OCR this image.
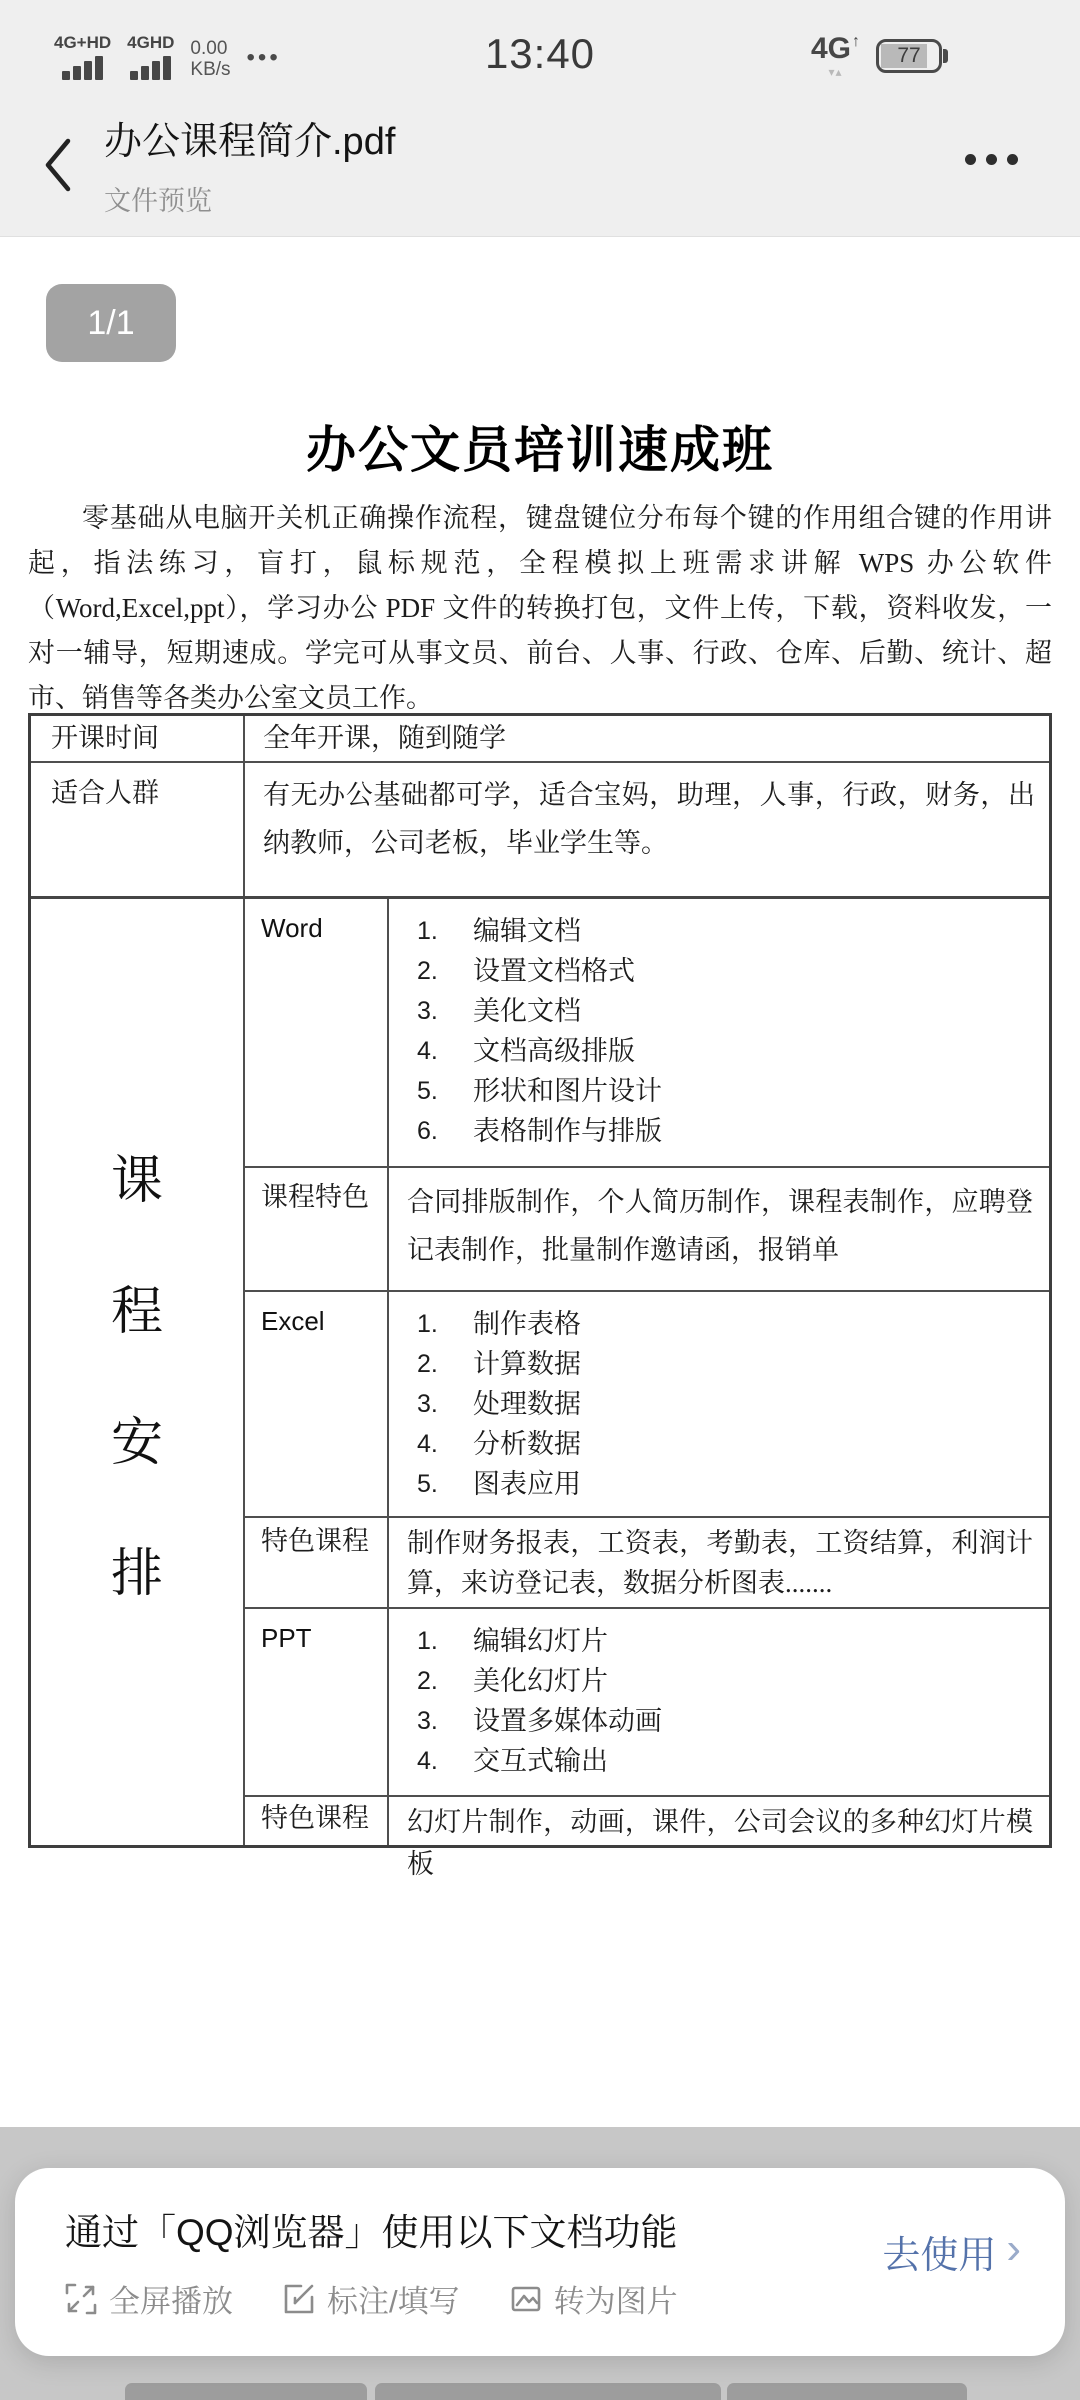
4G+HD 4GHD 0.00
KB/s •••	13:40	4G ↑
▾▴
77
办公课程简介.pdf
文件预览
1/1
办公文员培训速成班
零基础从电脑开关机正确操作流程，键盘键位分布每个键的作用组合键的作用讲起，指法练习，盲打，鼠标规范，全程模拟上班需求讲解 WPS 办公软件（Word,Excel,ppt），学习办公 PDF 文件的转换打包，文件上传，下载，资料收发，一对一辅导，短期速成。学完可从事文员、前台、人事、行政、仓库、后勤、统计、超市、销售等各类办公室文员工作。
开课时间	全年开课，随到随学
适合人群	有无办公基础都可学，适合宝妈，助理，人事，行政，财务，出纳教师，公司老板，毕业学生等。
课
程
安
排
Word	编辑文档
设置文档格式
美化文档
文档高级排版
形状和图片设计
表格制作与排版
课程特色	合同排版制作，个人简历制作，课程表制作，应聘登记表制作，批量制作邀请函，报销单
Excel	制作表格
计算数据
处理数据
分析数据
图表应用
特色课程	制作财务报表，工资表，考勤表，工资结算，利润计算，来访登记表，数据分析图表.......
PPT	编辑幻灯片
美化幻灯片
设置多媒体动画
交互式输出
特色课程	幻灯片制作，动画，课件，公司会议的多种幻灯片模板
通过「QQ浏览器」使用以下文档功能
去使用 ›
全屏播放	标注/填写	转为图片
